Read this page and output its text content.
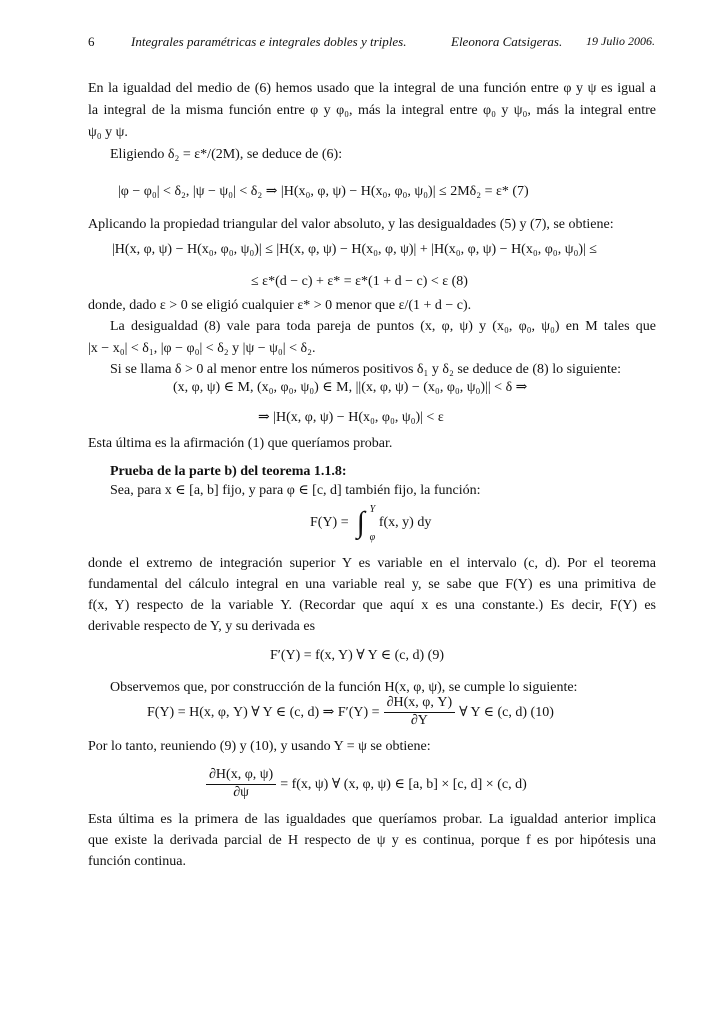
6	Integrales paramétricas e integrales dobles y triples.	Eleonora Catsigeras. 19 Julio 2006.
En la igualdad del medio de (6) hemos usado que la integral de una función entre φ y ψ es igual a
la integral de la misma función entre φ y φ₀, más la integral entre φ₀ y ψ₀, más la integral entre
ψ₀ y ψ.
Eligiendo δ₂ = ε*/(2M), se deduce de (6):
|φ − φ₀| < δ₂, |ψ − ψ₀| < δ₂ ⇒ |H(x₀, φ, ψ) − H(x₀, φ₀, ψ₀)| ≤ 2Mδ₂ = ε* (7)
Aplicando la propiedad triangular del valor absoluto, y las desigualdades (5) y (7), se obtiene:
|H(x, φ, ψ) − H(x₀, φ₀, ψ₀)| ≤ |H(x, φ, ψ) − H(x₀, φ, ψ)| + |H(x₀, φ, ψ) − H(x₀, φ₀, ψ₀)| ≤
≤ ε*(d − c) + ε* = ε*(1 + d − c) < ε (8)
donde, dado ε > 0 se eligió cualquier ε* > 0 menor que ε/(1 + d − c).
La desigualdad (8) vale para toda pareja de puntos (x, φ, ψ) y (x₀, φ₀, ψ₀) en M tales que
|x − x₀| < δ₁, |φ − φ₀| < δ₂ y |ψ − ψ₀| < δ₂.
Si se llama δ > 0 al menor entre los números positivos δ₁ y δ₂ se deduce de (8) lo siguiente:
(x, φ, ψ) ∈ M, (x₀, φ₀, ψ₀) ∈ M, ||(x, φ, ψ) − (x₀, φ₀, ψ₀)|| < δ ⇒
⇒ |H(x, φ, ψ) − H(x₀, φ₀, ψ₀)| < ε
Esta última es la afirmación (1) que queríamos probar.
Prueba de la parte b) del teorema 1.1.8:
Sea, para x ∈ [a, b] fijo, y para φ ∈ [c, d] también fijo, la función:
F(Y) = ∫ Y
φ
f(x, y) dy
donde el extremo de integración superior Y es variable en el intervalo (c, d). Por el teorema
fundamental del cálculo integral en una variable real y, se sabe que F(Y) es una primitiva de
f(x, Y) respecto de la variable Y. (Recordar que aquí x es una constante.) Es decir, F(Y) es
derivable respecto de Y, y su derivada es
F′(Y) = f(x, Y) ∀ Y ∈ (c, d) (9)
Observemos que, por construcción de la función H(x, φ, ψ), se cumple lo siguiente:
F(Y) = H(x, φ, Y) ∀ Y ∈ (c, d) ⇒ $F'(Y) = \frac{\partial H(x, \varphi, Y)}{\partial Y}$ ∀ Y ∈ (c, d) (10)
Por lo tanto, reuniendo (9) y (10), y usando Y = ψ se obtiene:
$\frac{\partial H(x, \varphi, \psi)}{\partial\psi} = f(x$, ψ) ∀ (x, φ, ψ) ∈ [a, b] × [c, d] × (c, d)
Esta última es la primera de las igualdades que queríamos probar. La igualdad anterior implica
que existe la derivada parcial de H respecto de ψ y es continua, porque f es por hipótesis una
función continua.
